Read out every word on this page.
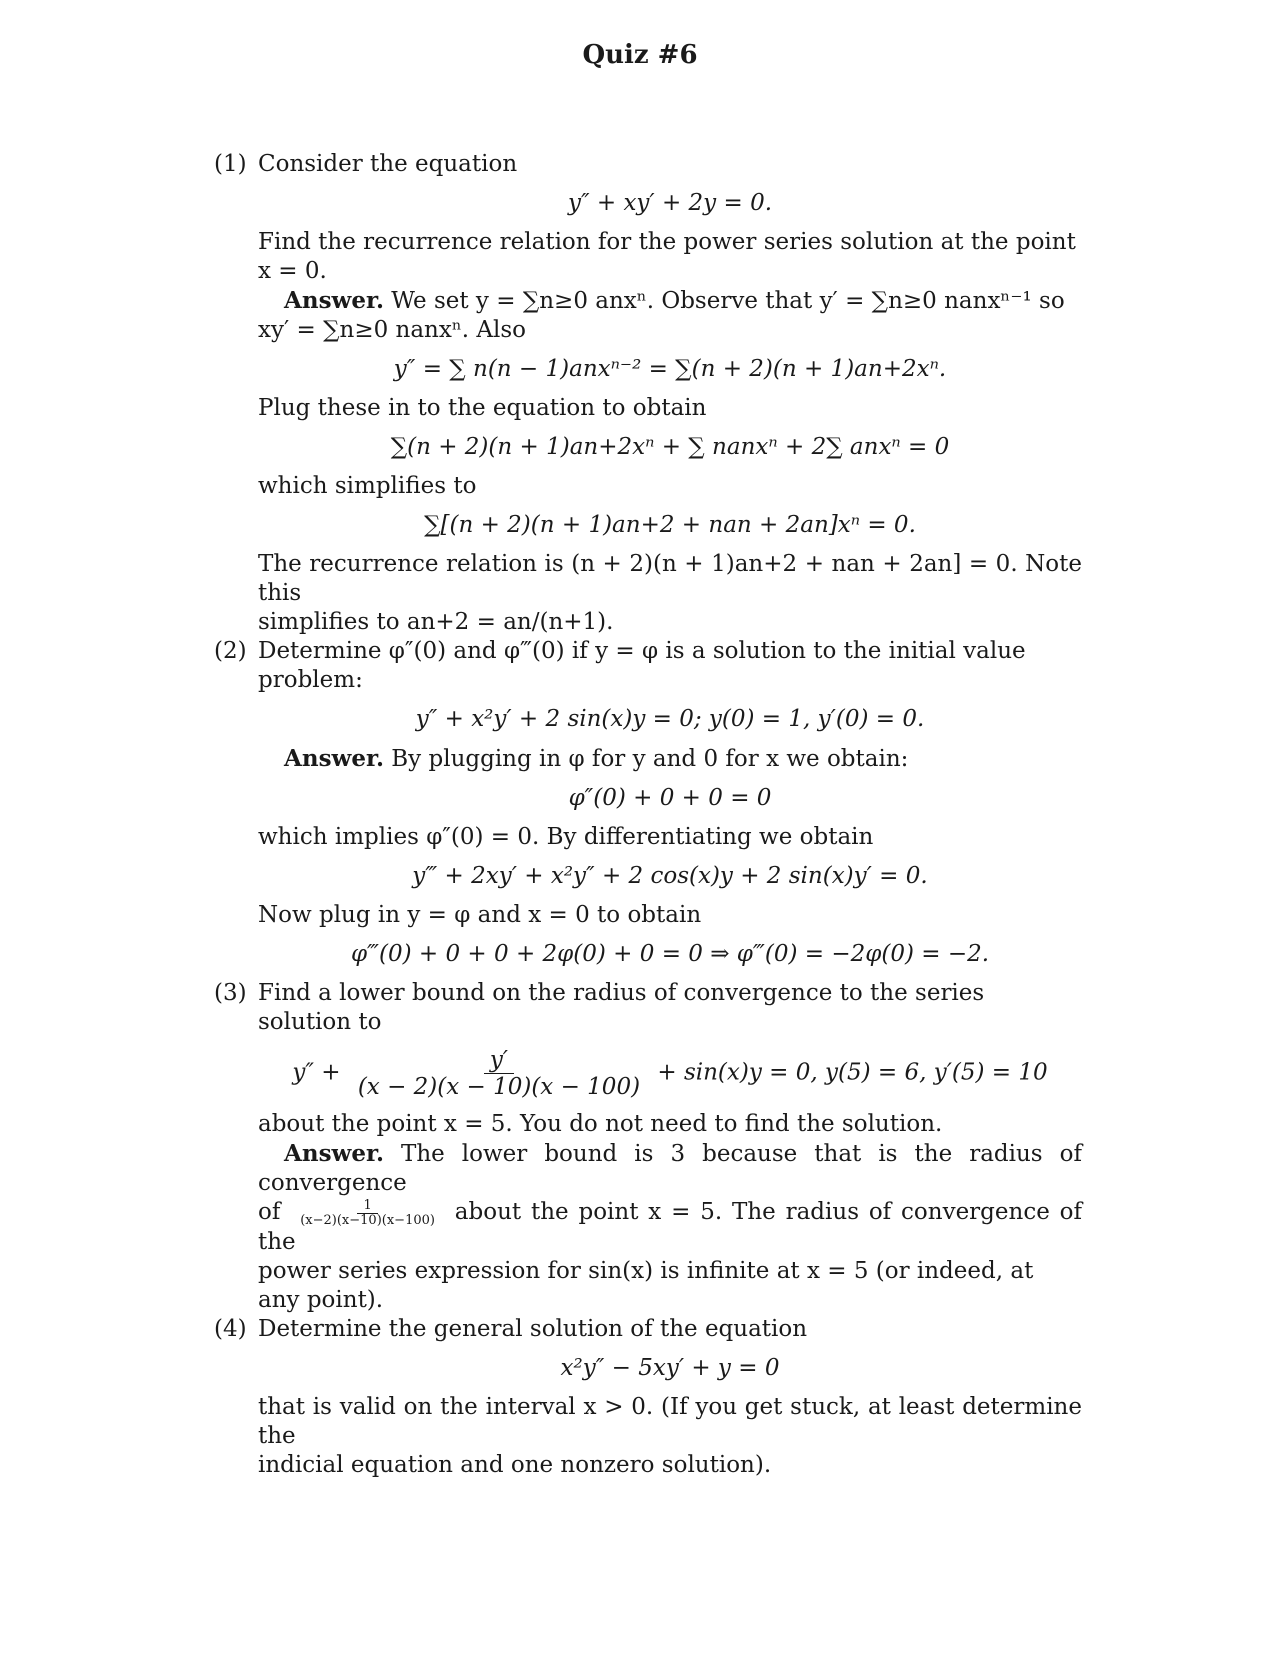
Quiz #6
(1) Consider the equation

y″ + xy′ + 2y = 0.

Find the recurrence relation for the power series solution at the point x = 0.

Answer. We set y = ∑n≥0 anxⁿ. Observe that y′ = ∑n≥0 nanxⁿ⁻¹ so

xy′ = ∑n≥0 nanxⁿ. Also

y″ = ∑ n(n − 1)anxⁿ⁻² = ∑(n + 2)(n + 1)an+2xⁿ.

Plug these in to the equation to obtain

∑(n + 2)(n + 1)an+2xⁿ + ∑ nanxⁿ + 2∑ anxⁿ = 0

which simplifies to

∑[(n + 2)(n + 1)an+2 + nan + 2an]xⁿ = 0.

The recurrence relation is (n + 2)(n + 1)an+2 + nan + 2an] = 0. Note this

simplifies to an+2 = an/(n+1).

(2) Determine φ″(0) and φ‴(0) if y = φ is a solution to the initial value problem:

y″ + x²y′ + 2 sin(x)y = 0; y(0) = 1, y′(0) = 0.

Answer. By plugging in φ for y and 0 for x we obtain:

φ″(0) + 0 + 0 = 0

which implies φ″(0) = 0. By differentiating we obtain

y‴ + 2xy′ + x²y″ + 2 cos(x)y + 2 sin(x)y′ = 0.

Now plug in y = φ and x = 0 to obtain

φ‴(0) + 0 + 0 + 2φ(0) + 0 = 0 ⇒ φ‴(0) = −2φ(0) = −2.
(3) Find a lower bound on the radius of convergence to the series solution to

$y'' + \frac{y'}{(x - 2)(x - 10)(x - 100)} + \sin(x)y = 0$, y(5) = 6, y′(5) = 10

about the point x = 5. You do not need to find the solution.

Answer. The lower bound is 3 because that is the radius of convergence

of $\frac{1}{(x-2)(x-10)(x-100)}$ about the point x = 5. The radius of convergence of the

power series expression for sin(x) is infinite at x = 5 (or indeed, at any point).

(4) Determine the general solution of the equation

x²y″ − 5xy′ + y = 0

that is valid on the interval x > 0. (If you get stuck, at least determine the

indicial equation and one nonzero solution).
